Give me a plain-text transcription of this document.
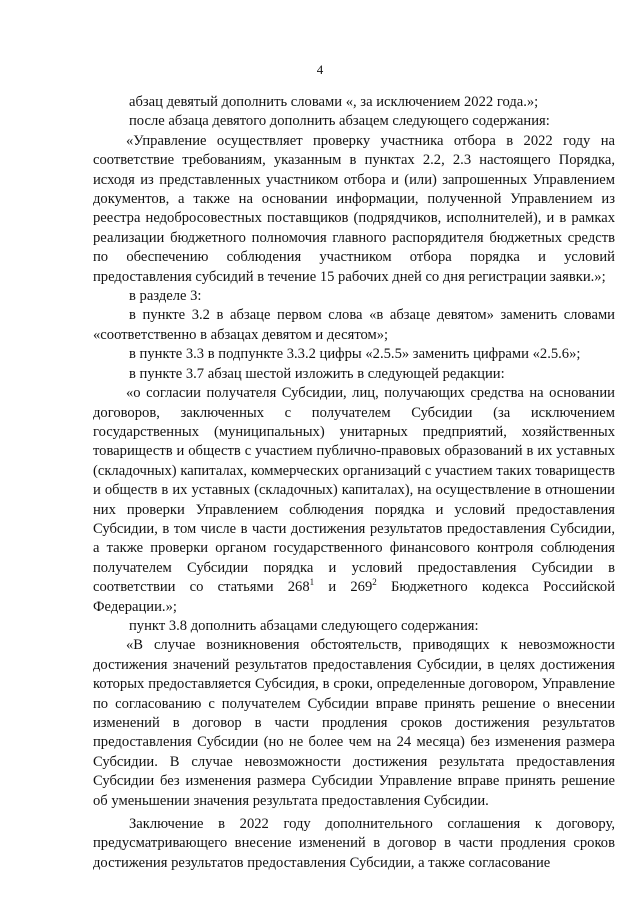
4

абзац девятый дополнить словами «, за исключением 2022 года.»;

после абзаца девятого дополнить абзацем следующего содержания:

«Управление осуществляет проверку участника отбора в 2022 году на соответствие требованиям, указанным в пунктах 2.2, 2.3 настоящего Порядка, исходя из представленных участником отбора и (или) запрошенных Управлением документов, а также на основании информации, полученной Управлением из реестра недобросовестных поставщиков (подрядчиков, исполнителей), и в рамках реализации бюджетного полномочия главного распорядителя бюджетных средств по обеспечению соблюдения участником отбора порядка и условий предоставления субсидий в течение 15 рабочих дней со дня регистрации заявки.»;

в разделе 3:

в пункте 3.2 в абзаце первом слова «в абзаце девятом» заменить словами «соответственно в абзацах девятом и десятом»;

в пункте 3.3 в подпункте 3.3.2 цифры «2.5.5» заменить цифрами «2.5.6»;

в пункте 3.7 абзац шестой изложить в следующей редакции:

«о согласии получателя Субсидии, лиц, получающих средства на основании договоров, заключенных с получателем Субсидии (за исключением государственных (муниципальных) унитарных предприятий, хозяйственных товариществ и обществ с участием публично-правовых образований в их уставных (складочных) капиталах, коммерческих организаций с участием таких товариществ и обществ в их уставных (складочных) капиталах), на осуществление в отношении них проверки Управлением соблюдения порядка и условий предоставления Субсидии, в том числе в части достижения результатов предоставления Субсидии, а также проверки органом государственного финансового контроля соблюдения получателем Субсидии порядка и условий предоставления Субсидии в соответствии со статьями $268^1$ и $269^2$ Бюджетного кодекса Российской Федерации.»;

пункт 3.8 дополнить абзацами следующего содержания:

«В случае возникновения обстоятельств, приводящих к невозможности достижения значений результатов предоставления Субсидии, в целях достижения которых предоставляется Субсидия, в сроки, определенные договором, Управление по согласованию с получателем Субсидии вправе принять решение о внесении изменений в договор в части продления сроков достижения результатов предоставления Субсидии (но не более чем на 24 месяца) без изменения размера Субсидии. В случае невозможности достижения результата предоставления Субсидии без изменения размера Субсидии Управление вправе принять решение об уменьшении значения результата предоставления Субсидии.

Заключение в 2022 году дополнительного соглашения к договору, предусматривающего внесение изменений в договор в части продления сроков достижения результатов предоставления Субсидии, а также согласование
